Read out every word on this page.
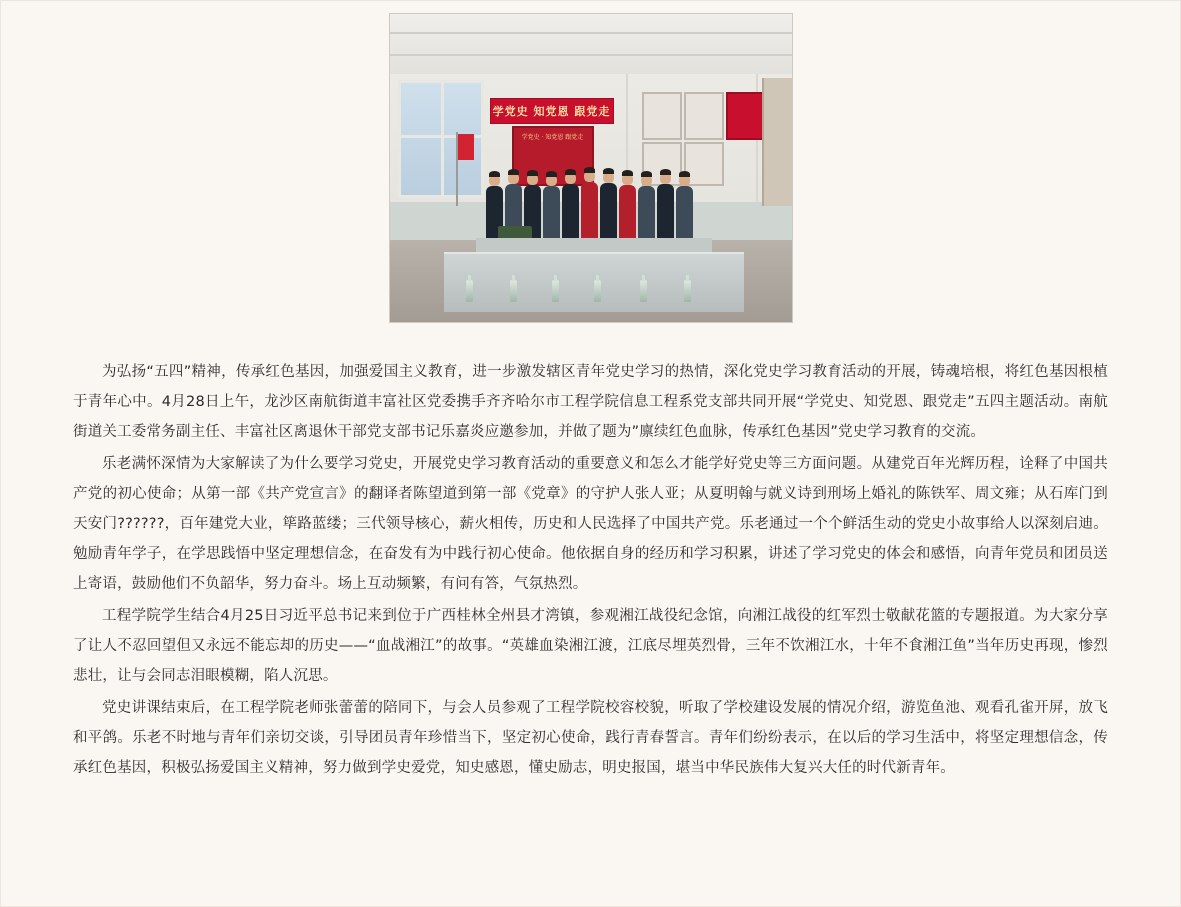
学党史 知党恩 跟党走
学党史 · 知党恩 跟党走

为弘扬“五四”精神，传承红色基因，加强爱国主义教育，进一步激发辖区青年党史学习的热情，深化党史学习教育活动的开展，铸魂培根，将红色基因根植于青年心中。4月28日上午，龙沙区南航街道丰富社区党委携手齐齐哈尔市工程学院信息工程系党支部共同开展“学党史、知党恩、跟党走”五四主题活动。南航街道关工委常务副主任、丰富社区离退休干部党支部书记乐嘉炎应邀参加，并做了题为”廪续红色血脉，传承红色基因”党史学习教育的交流。

乐老满怀深情为大家解读了为什么要学习党史，开展党史学习教育活动的重要意义和怎么才能学好党史等三方面问题。从建党百年光辉历程，诠释了中国共产党的初心使命；从第一部《共产党宣言》的翻译者陈望道到第一部《党章》的守护人张人亚；从夏明翰与就义诗到刑场上婚礼的陈铁军、周文雍；从石库门到天安门??????，百年建党大业，筚路蓝缕；三代领导核心，薪火相传，历史和人民选择了中国共产党。乐老通过一个个鲜活生动的党史小故事给人以深刻启迪。勉励青年学子，在学思践悟中坚定理想信念，在奋发有为中践行初心使命。他依据自身的经历和学习积累，讲述了学习党史的体会和感悟，向青年党员和团员送上寄语，鼓励他们不负韶华，努力奋斗。场上互动频繁，有问有答，气氛热烈。

工程学院学生结合4月25日习近平总书记来到位于广西桂林全州县才湾镇，参观湘江战役纪念馆，向湘江战役的红军烈士敬献花篮的专题报道。为大家分享了让人不忍回望但又永远不能忘却的历史——“血战湘江”的故事。“英雄血染湘江渡，江底尽埋英烈骨，三年不饮湘江水，十年不食湘江鱼”当年历史再现，惨烈悲壮，让与会同志泪眼模糊，陷人沉思。

党史讲课结束后，在工程学院老师张蕾蕾的陪同下，与会人员参观了工程学院校容校貌，听取了学校建设发展的情况介绍，游览鱼池、观看孔雀开屏，放飞和平鸽。乐老不时地与青年们亲切交谈，引导团员青年珍惜当下，坚定初心使命，践行青春誓言。青年们纷纷表示，在以后的学习生活中，将坚定理想信念，传承红色基因，积极弘扬爱国主义精神，努力做到学史爱党，知史感恩，懂史励志，明史报国，堪当中华民族伟大复兴大任的时代新青年。
